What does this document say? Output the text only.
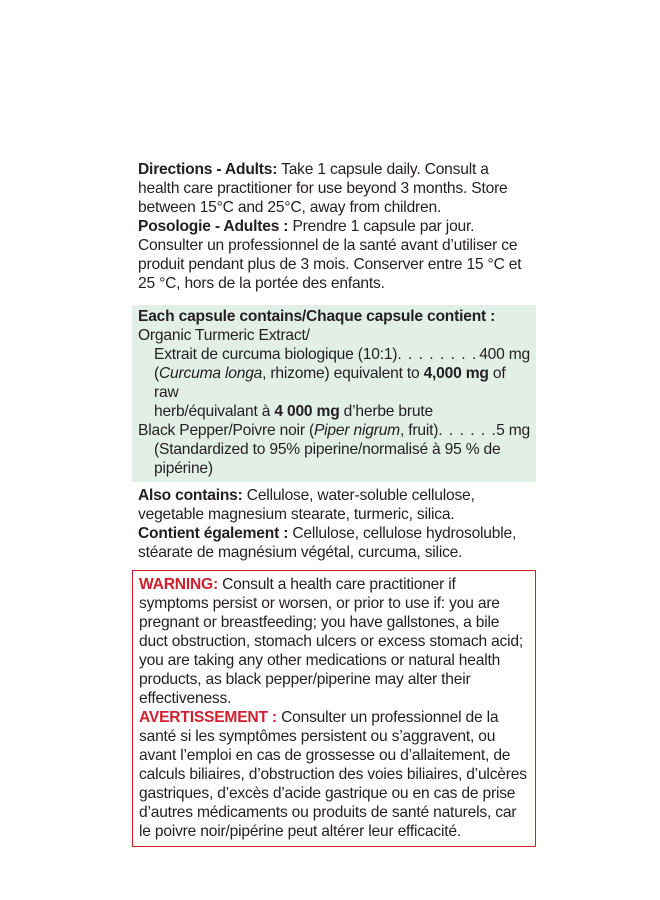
Directions - Adults: Take 1 capsule daily. Consult a health care practitioner for use beyond 3 months. Store between 15°C and 25°C, away from children.

Posologie - Adultes : Prendre 1 capsule par jour. Consulter un professionnel de la santé avant d’utiliser ce produit pendant plus de 3 mois. Conserver entre 15 °C et 25 °C, hors de la portée des enfants.

Each capsule contains/Chaque capsule contient :
Organic Turmeric Extract/
Extrait de curcuma biologique (10:1) . . .	400 mg
(Curcuma longa, rhizome) equivalent to 4,000 mg of raw
herb/équivalant à 4 000 mg d’herbe brute
Black Pepper/Poivre noir (Piper nigrum, fruit) . . .	5 mg
(Standardized to 95% piperine/normalisé à 95 % de pipérine)

Also contains: Cellulose, water-soluble cellulose, vegetable magnesium stearate, turmeric, silica.

Contient également : Cellulose, cellulose hydrosoluble, stéarate de magnésium végétal, curcuma, silice.

WARNING: Consult a health care practitioner if symptoms persist or worsen, or prior to use if: you are pregnant or breastfeeding; you have gallstones, a bile duct obstruction, stomach ulcers or excess stomach acid; you are taking any other medications or natural health products, as black pepper/piperine may alter their effectiveness.

AVERTISSEMENT : Consulter un professionnel de la santé si les symptômes persistent ou s’aggravent, ou avant l’emploi en cas de grossesse ou d’allaitement, de calculs biliaires, d’obstruction des voies biliaires, d’ulcères gastriques, d’excès d’acide gastrique ou en cas de prise d’autres médicaments ou produits de santé naturels, car le poivre noir/pipérine peut altérer leur efficacité.
